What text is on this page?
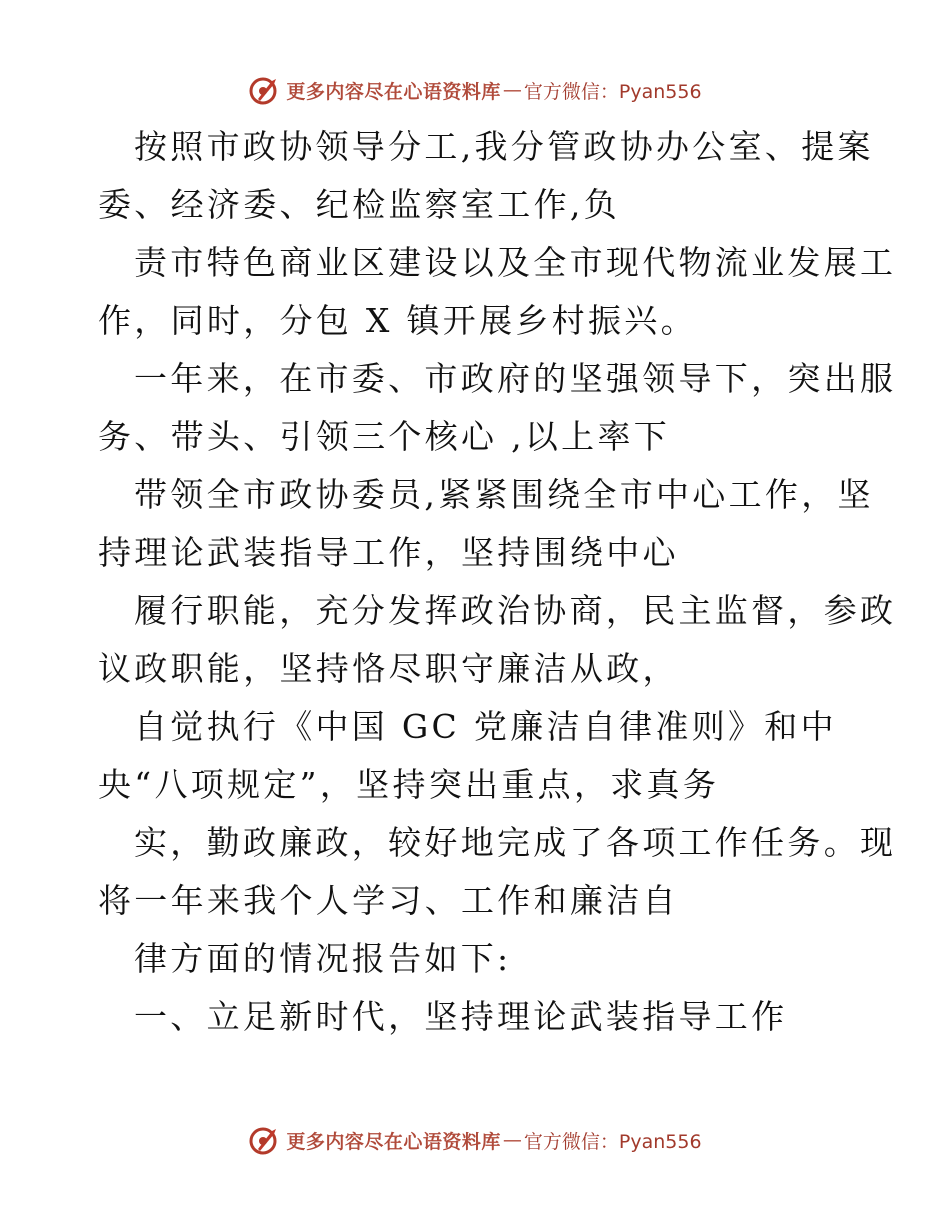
更多内容尽在心语资料库 — 官方微信：Pyan556
按照市政协领导分工,我分管政协办公室、提案
委、经济委、纪检监察室工作,负
责市特色商业区建设以及全市现代物流业发展工
作，同时，分包 X 镇开展乡村振兴。
一年来，在市委、市政府的坚强领导下，突出服
务、带头、引领三个核心 ,以上率下
带领全市政协委员,紧紧围绕全市中心工作，坚
持理论武装指导工作，坚持围绕中心
履行职能，充分发挥政治协商，民主监督，参政
议政职能，坚持恪尽职守廉洁从政，
自觉执行《中国 GC 党廉洁自律准则》和中
央“八项规定”，坚持突出重点，求真务
实，勤政廉政，较好地完成了各项工作任务。现
将一年来我个人学习、工作和廉洁自
律方面的情况报告如下:
一、立足新时代，坚持理论武装指导工作
更多内容尽在心语资料库 — 官方微信：Pyan556
